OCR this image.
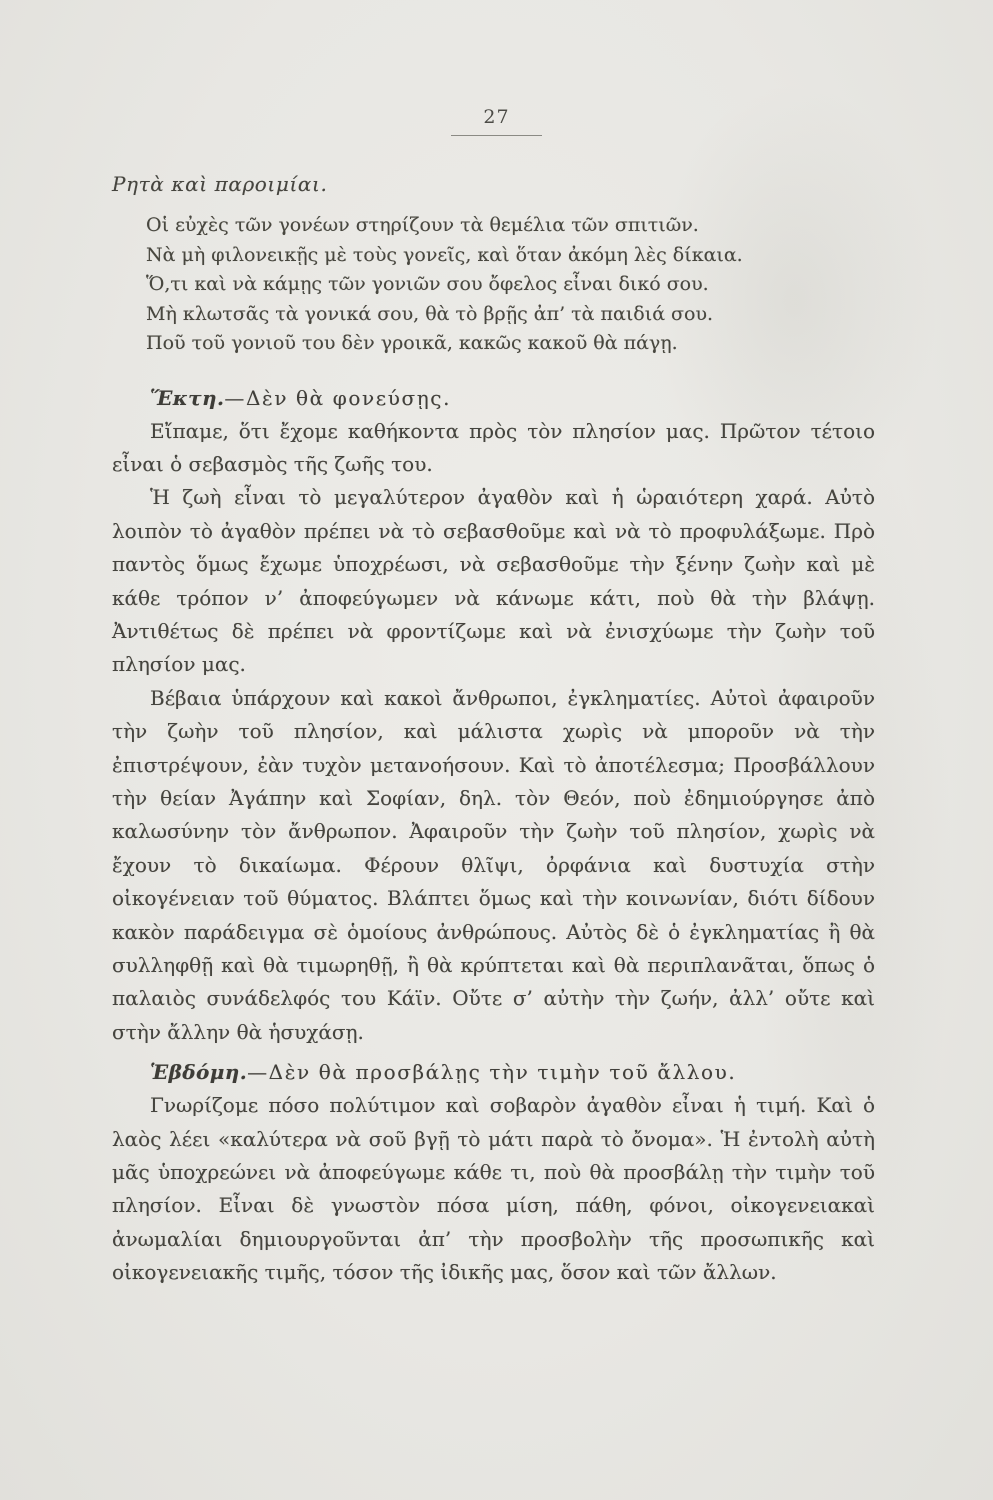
27
Ρητὰ καὶ παροιμίαι.

Οἱ εὐχὲς τῶν γονέων στηρίζουν τὰ θεμέλια τῶν σπιτιῶν.

Νὰ μὴ φιλονεικῇς μὲ τοὺς γονεῖς, καὶ ὅταν ἀκόμη λὲς δίκαια.

Ὅ,τι καὶ νὰ κάμῃς τῶν γονιῶν σου ὄφελος εἶναι δικό σου.

Μὴ κλωτσᾶς τὰ γονικά σου, θὰ τὸ βρῇς ἀπ’ τὰ παιδιά σου.

Ποῦ τοῦ γονιοῦ του δὲν γροικᾶ, κακῶς κακοῦ θὰ πάγῃ.

Ἕκτη.—Δὲν θὰ φονεύσῃς.

Εἴπαμε, ὅτι ἔχομε καθήκοντα πρὸς τὸν πλησίον μας. Πρῶτον τέτοιο εἶναι ὁ σεβασμὸς τῆς ζωῆς του.

Ἡ ζωὴ εἶναι τὸ μεγαλύτερον ἀγαθὸν καὶ ἡ ὡραιότερη χαρά. Αὐτὸ λοιπὸν τὸ ἀγαθὸν πρέπει νὰ τὸ σεβασθοῦμε καὶ νὰ τὸ προφυλάξωμε. Πρὸ παντὸς ὅμως ἔχωμε ὑποχρέωσι, νὰ σεβασθοῦμε τὴν ξένην ζωὴν καὶ μὲ κάθε τρόπον ν’ ἀποφεύγωμεν νὰ κάνωμε κάτι, ποὺ θὰ τὴν βλάψῃ. Ἀντιθέτως δὲ πρέπει νὰ φροντίζωμε καὶ νὰ ἐνισχύωμε τὴν ζωὴν τοῦ πλησίον μας.

Βέβαια ὑπάρχουν καὶ κακοὶ ἄνθρωποι, ἐγκληματίες. Αὐτοὶ ἀφαιροῦν τὴν ζωὴν τοῦ πλησίον, καὶ μάλιστα χωρὶς νὰ μποροῦν νὰ τὴν ἐπιστρέψουν, ἐὰν τυχὸν μετανοήσουν. Καὶ τὸ ἀποτέλεσμα; Προσβάλλουν τὴν θείαν Ἀγάπην καὶ Σοφίαν, δηλ. τὸν Θεόν, ποὺ ἐδημιούργησε ἀπὸ καλωσύνην τὸν ἄνθρωπον. Ἀφαιροῦν τὴν ζωὴν τοῦ πλησίον, χωρὶς νὰ ἔχουν τὸ δικαίωμα. Φέρουν θλῖψι, ὀρφάνια καὶ δυστυχία στὴν οἰκογένειαν τοῦ θύματος. Βλάπτει ὅμως καὶ τὴν κοινωνίαν, διότι δίδουν κακὸν παράδειγμα σὲ ὁμοίους ἀνθρώπους. Αὐτὸς δὲ ὁ ἐγκληματίας ἢ θὰ συλληφθῇ καὶ θὰ τιμωρηθῇ, ἢ θὰ κρύπτεται καὶ θὰ περιπλανᾶται, ὅπως ὁ παλαιὸς συνάδελφός του Κάϊν. Οὔτε σ’ αὐτὴν τὴν ζωήν, ἀλλ’ οὔτε καὶ στὴν ἄλλην θὰ ἡσυχάσῃ.

Ἑβδόμη.—Δὲν θὰ προσβάλῃς τὴν τιμὴν τοῦ ἄλλου.

Γνωρίζομε πόσο πολύτιμον καὶ σοβαρὸν ἀγαθὸν εἶναι ἡ τιμή. Καὶ ὁ λαὸς λέει «καλύτερα νὰ σοῦ βγῇ τὸ μάτι παρὰ τὸ ὄνομα». Ἡ ἐντολὴ αὐτὴ μᾶς ὑποχρεώνει νὰ ἀποφεύγωμε κάθε τι, ποὺ θὰ προσβάλῃ τὴν τιμὴν τοῦ πλησίον. Εἶναι δὲ γνωστὸν πόσα μίση, πάθη, φόνοι, οἰκογενειακαὶ ἀνωμαλίαι δημιουργοῦνται ἀπ’ τὴν προσβολὴν τῆς προσωπικῆς καὶ οἰκογενειακῆς τιμῆς, τόσον τῆς ἰδικῆς μας, ὅσον καὶ τῶν ἄλλων.
